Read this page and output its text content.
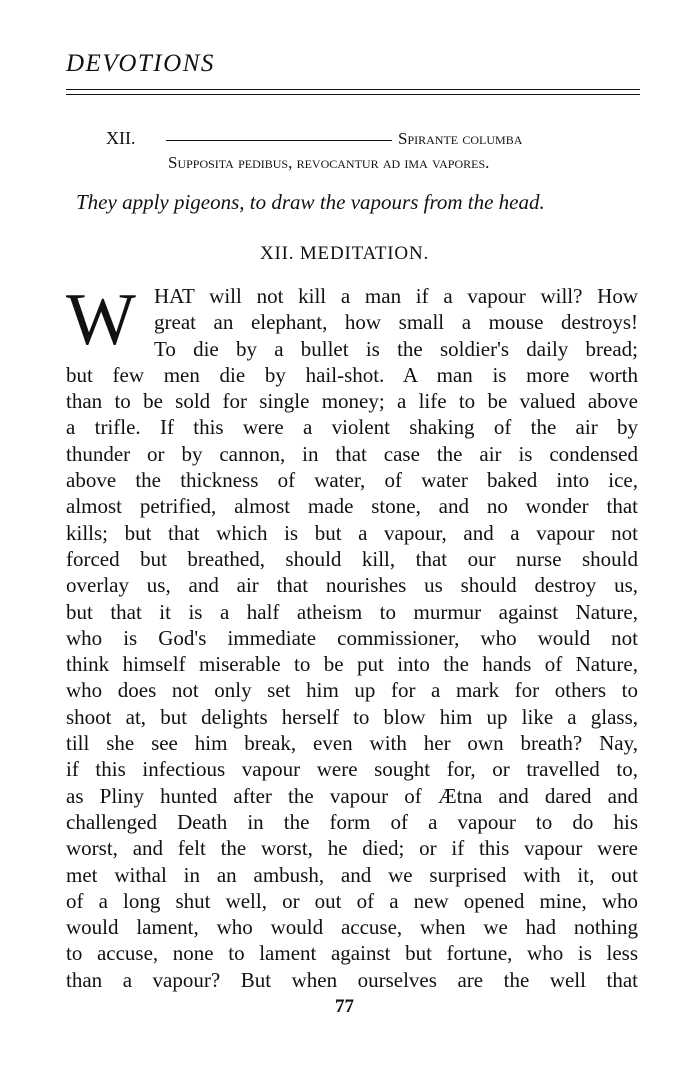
DEVOTIONS
XII.	Spirante columba
Supposita pedibus, revocantur ad ima vapores.
They apply pigeons, to draw the vapours from the head.
XII. MEDITATION.
W HAT will not kill a man if a vapour will? How
great an elephant, how small a mouse destroys!
To die by a bullet is the soldier's daily bread;
but few men die by hail-shot. A man is more worth
than to be sold for single money; a life to be valued above
a trifle. If this were a violent shaking of the air by
thunder or by cannon, in that case the air is condensed
above the thickness of water, of water baked into ice,
almost petrified, almost made stone, and no wonder that
kills; but that which is but a vapour, and a vapour not
forced but breathed, should kill, that our nurse should
overlay us, and air that nourishes us should destroy us,
but that it is a half atheism to murmur against Nature,
who is God's immediate commissioner, who would not
think himself miserable to be put into the hands of Nature,
who does not only set him up for a mark for others to
shoot at, but delights herself to blow him up like a glass,
till she see him break, even with her own breath? Nay,
if this infectious vapour were sought for, or travelled to,
as Pliny hunted after the vapour of Ætna and dared and
challenged Death in the form of a vapour to do his
worst, and felt the worst, he died; or if this vapour were
met withal in an ambush, and we surprised with it, out
of a long shut well, or out of a new opened mine, who
would lament, who would accuse, when we had nothing
to accuse, none to lament against but fortune, who is less
than a vapour? But when ourselves are the well that
77
